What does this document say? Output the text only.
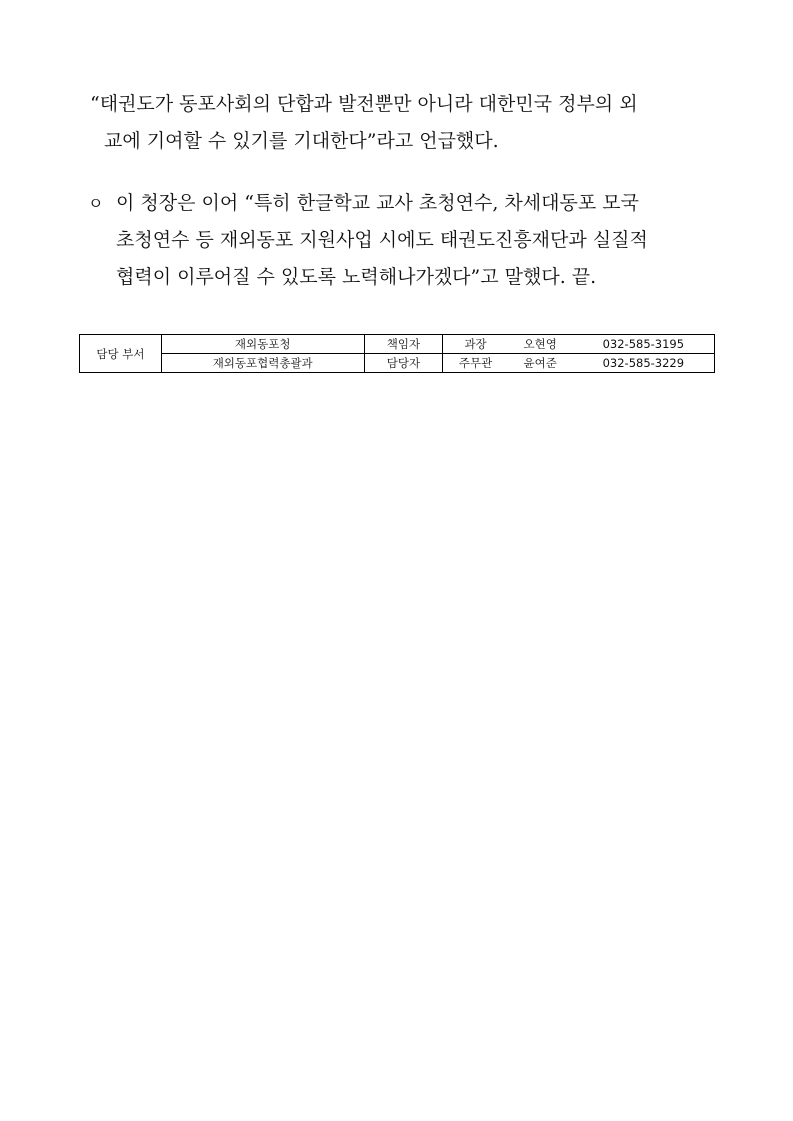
“태권도가 동포사회의 단합과 발전뿐만 아니라 대한민국 정부의 외
교에 기여할 수 있기를 기대한다”라고 언급했다.

ㅇ 이 청장은 이어 “특히 한글학교 교사 초청연수, 차세대동포 모국
초청연수 등 재외동포 지원사업 시에도 태권도진흥재단과 실질적
협력이 이루어질 수 있도록 노력해나가겠다”고 말했다. 끝.

담당 부서	재외동포청	책임자	과장	오현영	032-585-3195
	재외동포협력총괄과	담당자	주무관	윤여준	032-585-3229
